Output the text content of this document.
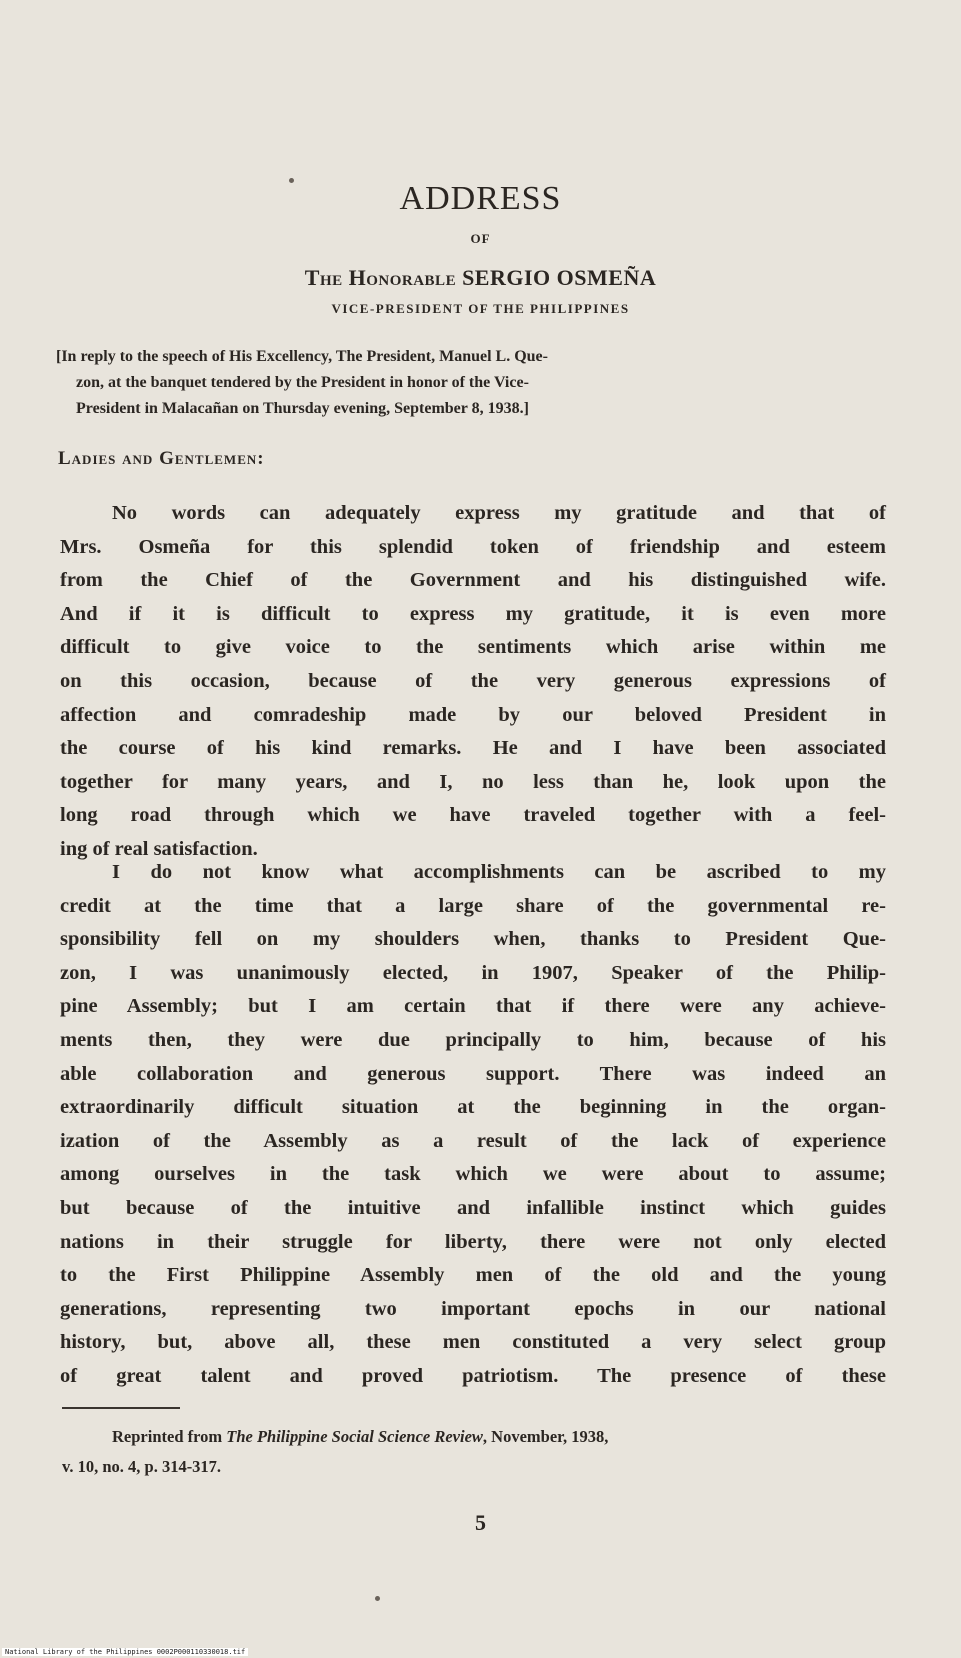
ADDRESS
OF
The Honorable SERGIO OSMEÑA
VICE-PRESIDENT OF THE PHILIPPINES
[In reply to the speech of His Excellency, The President, Manuel L. Que-
zon, at the banquet tendered by the President in honor of the Vice-
President in Malacañan on Thursday evening, September 8, 1938.]
Ladies and Gentlemen:
No words can adequately express my gratitude and that of
Mrs. Osmeña for this splendid token of friendship and esteem
from the Chief of the Government and his distinguished wife.
And if it is difficult to express my gratitude, it is even more
difficult to give voice to the sentiments which arise within me
on this occasion, because of the very generous expressions of
affection and comradeship made by our beloved President in
the course of his kind remarks. He and I have been associated
together for many years, and I, no less than he, look upon the
long road through which we have traveled together with a feel-
ing of real satisfaction.
I do not know what accomplishments can be ascribed to my
credit at the time that a large share of the governmental re-
sponsibility fell on my shoulders when, thanks to President Que-
zon, I was unanimously elected, in 1907, Speaker of the Philip-
pine Assembly; but I am certain that if there were any achieve-
ments then, they were due principally to him, because of his
able collaboration and generous support. There was indeed an
extraordinarily difficult situation at the beginning in the organ-
ization of the Assembly as a result of the lack of experience
among ourselves in the task which we were about to assume;
but because of the intuitive and infallible instinct which guides
nations in their struggle for liberty, there were not only elected
to the First Philippine Assembly men of the old and the young
generations, representing two important epochs in our national
history, but, above all, these men constituted a very select group
of great talent and proved patriotism. The presence of these
Reprinted from The Philippine Social Science Review, November, 1938,
v. 10, no. 4, p. 314-317.
5
National Library of the Philippines 0002P000110330018.tif
